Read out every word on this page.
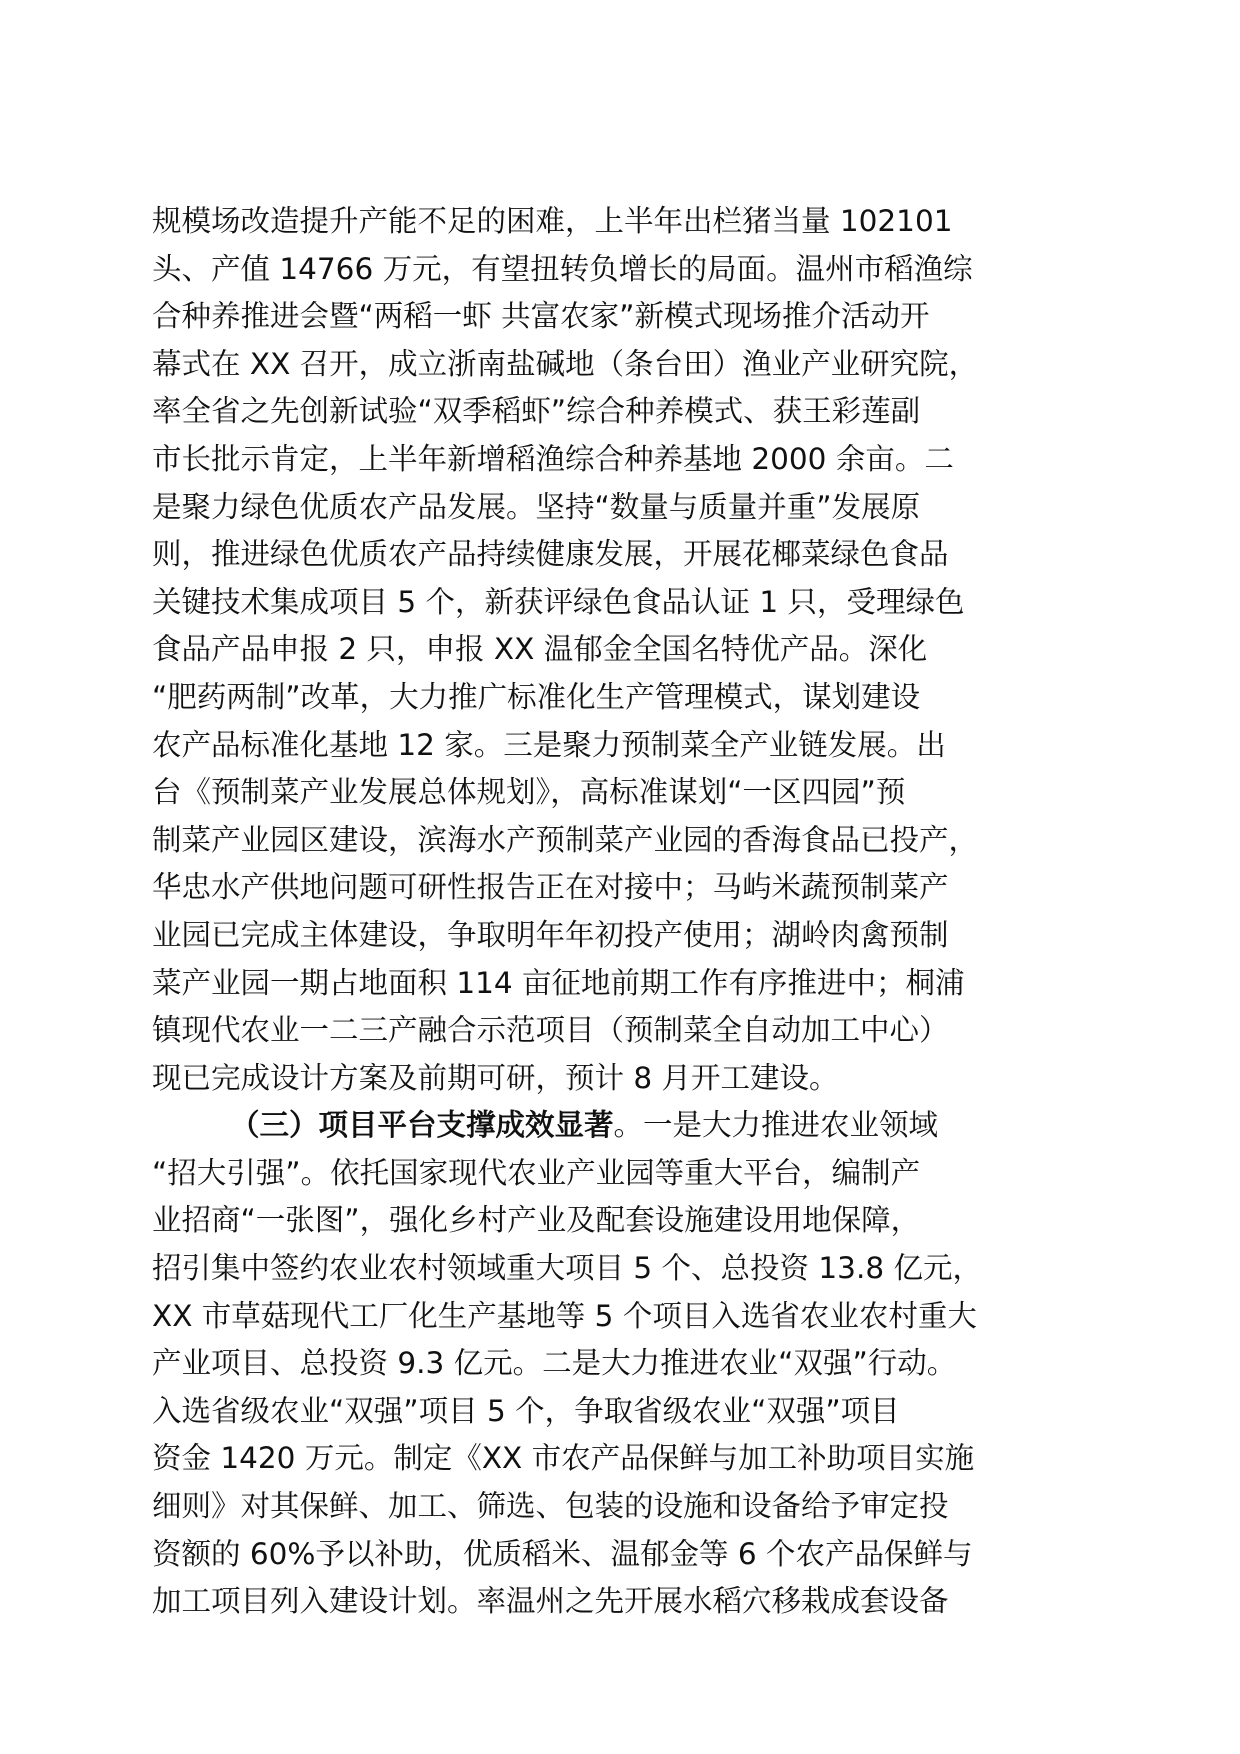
规模场改造提升产能不足的困难，上半年出栏猪当量 102101
头、产值 14766 万元，有望扭转负增长的局面。温州市稻渔综
合种养推进会暨“两稻一虾 共富农家”新模式现场推介活动开
幕式在 XX 召开，成立浙南盐碱地（条台田）渔业产业研究院，
率全省之先创新试验“双季稻虾”综合种养模式、获王彩莲副
市长批示肯定，上半年新增稻渔综合种养基地 2000 余亩。二
是聚力绿色优质农产品发展。坚持“数量与质量并重”发展原
则，推进绿色优质农产品持续健康发展，开展花椰菜绿色食品
关键技术集成项目 5 个，新获评绿色食品认证 1 只，受理绿色
食品产品申报 2 只，申报 XX 温郁金全国名特优产品。深化
“肥药两制”改革，大力推广标准化生产管理模式，谋划建设
农产品标准化基地 12 家。三是聚力预制菜全产业链发展。出
台《预制菜产业发展总体规划》，高标准谋划“一区四园”预
制菜产业园区建设，滨海水产预制菜产业园的香海食品已投产，
华忠水产供地问题可研性报告正在对接中；马屿米蔬预制菜产
业园已完成主体建设，争取明年年初投产使用；湖岭肉禽预制
菜产业园一期占地面积 114 亩征地前期工作有序推进中；桐浦
镇现代农业一二三产融合示范项目（预制菜全自动加工中心）
现已完成设计方案及前期可研，预计 8 月开工建设。
（三）项目平台支撑成效显著。一是大力推进农业领域
“招大引强”。依托国家现代农业产业园等重大平台，编制产
业招商“一张图”，强化乡村产业及配套设施建设用地保障，
招引集中签约农业农村领域重大项目 5 个、总投资 13.8 亿元，
XX 市草菇现代工厂化生产基地等 5 个项目入选省农业农村重大
产业项目、总投资 9.3 亿元。二是大力推进农业“双强”行动。
入选省级农业“双强”项目 5 个，争取省级农业“双强”项目
资金 1420 万元。制定《XX 市农产品保鲜与加工补助项目实施
细则》对其保鲜、加工、筛选、包装的设施和设备给予审定投
资额的 60%予以补助，优质稻米、温郁金等 6 个农产品保鲜与
加工项目列入建设计划。率温州之先开展水稻穴移栽成套设备
